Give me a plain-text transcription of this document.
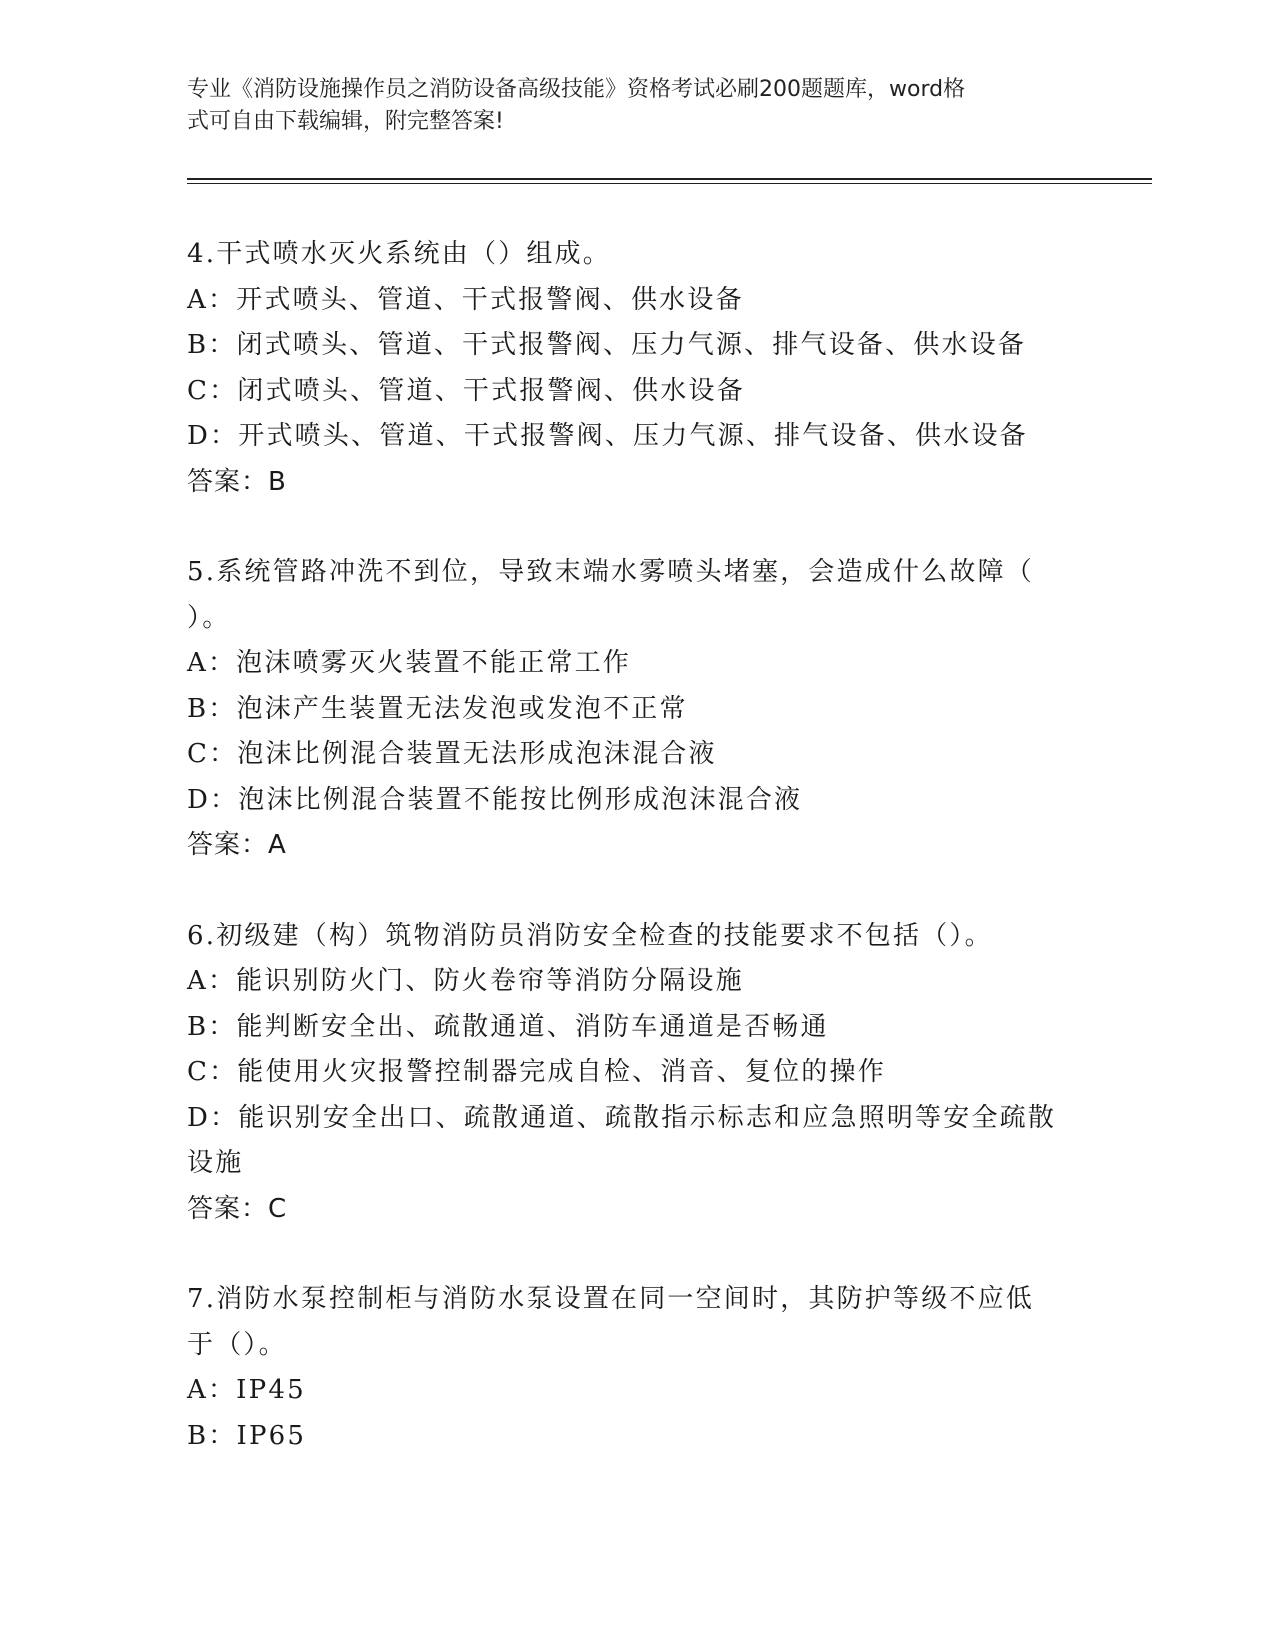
专业《消防设施操作员之消防设备高级技能》资格考试必刷200题题库，word格
式可自由下载编辑，附完整答案!
4.干式喷水灭火系统由（）组成。
A：开式喷头、管道、干式报警阀、供水设备
B：闭式喷头、管道、干式报警阀、压力气源、排气设备、供水设备
C：闭式喷头、管道、干式报警阀、供水设备
D：开式喷头、管道、干式报警阀、压力气源、排气设备、供水设备
答案：B
5.系统管路冲洗不到位，导致末端水雾喷头堵塞，会造成什么故障（
）。
A：泡沫喷雾灭火装置不能正常工作
B：泡沫产生装置无法发泡或发泡不正常
C：泡沫比例混合装置无法形成泡沫混合液
D：泡沫比例混合装置不能按比例形成泡沫混合液
答案：A
6.初级建（构）筑物消防员消防安全检查的技能要求不包括（）。
A：能识别防火门、防火卷帘等消防分隔设施
B：能判断安全出、疏散通道、消防车通道是否畅通
C：能使用火灾报警控制器完成自检、消音、复位的操作
D：能识别安全出口、疏散通道、疏散指示标志和应急照明等安全疏散
设施
答案：C
7.消防水泵控制柜与消防水泵设置在同一空间时，其防护等级不应低
于（）。
A：IP45
B：IP65
